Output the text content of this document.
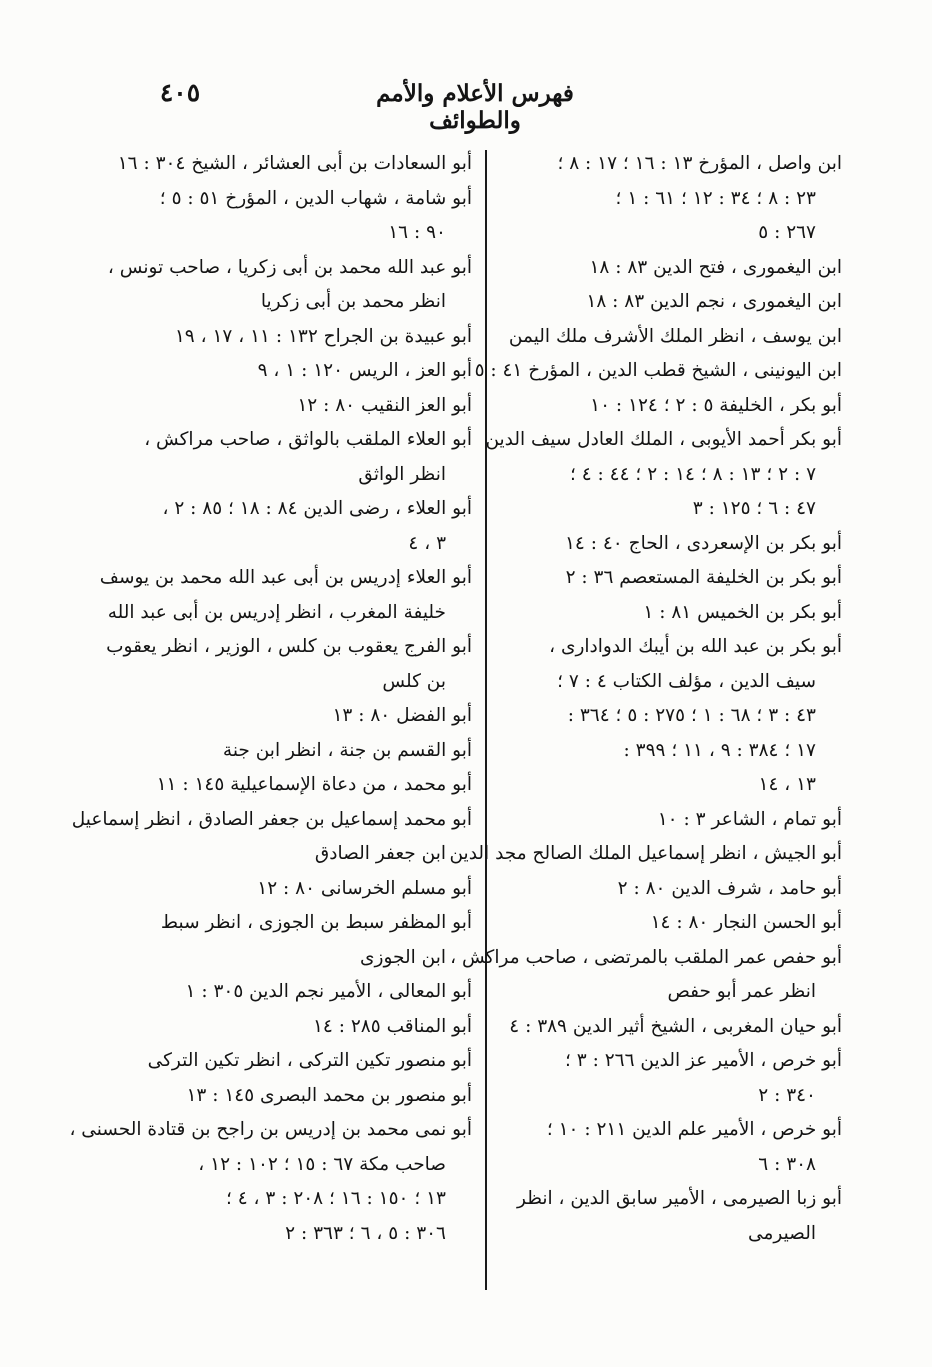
فهرس الأعلام والأمم والطوائف
٤٠٥
ابن واصل ، المؤرخ ١٣ : ١٦ ؛ ١٧ : ٨ ؛
٢٣ : ٨ ؛ ٣٤ : ١٢ ؛ ٦١ : ١ ؛
٢٦٧ : ٥
ابن اليغمورى ، فتح الدين ٨٣ : ١٨
ابن اليغمورى ، نجم الدين ٨٣ : ١٨
ابن يوسف ، انظر الملك الأشرف ملك اليمن
ابن اليونينى ، الشيخ قطب الدين ، المؤرخ ٤١ : ٥
أبو بكر ، الخليفة ٥ : ٢ ؛ ١٢٤ : ١٠
أبو بكر أحمد الأيوبى ، الملك العادل سيف الدين
٧ : ٢ ؛ ١٣ : ٨ ؛ ١٤ : ٢ ؛ ٤٤ : ٤ ؛
٤٧ : ٦ ؛ ١٢٥ : ٣
أبو بكر بن الإسعردى ، الحاج ٤٠ : ١٤
أبو بكر بن الخليفة المستعصم ٣٦ : ٢
أبو بكر بن الخميس ٨١ : ١
أبو بكر بن عبد الله بن أيبك الدوادارى ،
سيف الدين ، مؤلف الكتاب ٤ : ٧ ؛
٤٣ : ٣ ؛ ٦٨ : ١ ؛ ٢٧٥ : ٥ ؛ ٣٦٤ :
١٧ ؛ ٣٨٤ : ٩ ، ١١ ؛ ٣٩٩ :
١٣ ، ١٤
أبو تمام ، الشاعر ٣ : ١٠
أبو الجيش ، انظر إسماعيل الملك الصالح مجد الدين
أبو حامد ، شرف الدين ٨٠ : ٢
أبو الحسن النجار ٨٠ : ١٤
أبو حفص عمر الملقب بالمرتضى ، صاحب مراكش ،
انظر عمر أبو حفص
أبو حيان المغربى ، الشيخ أثير الدين ٣٨٩ : ٤
أبو خرص ، الأمير عز الدين ٢٦٦ : ٣ ؛
٣٤٠ : ٢
أبو خرص ، الأمير علم الدين ٢١١ : ١٠ ؛
٣٠٨ : ٦
أبو زبا الصيرمى ، الأمير سابق الدين ، انظر
الصيرمى
أبو السعادات بن أبى العشائر ، الشيخ ٣٠٤ : ١٦
أبو شامة ، شهاب الدين ، المؤرخ ٥١ : ٥ ؛
٩٠ : ١٦
أبو عبد الله محمد بن أبى زكريا ، صاحب تونس ،
انظر محمد بن أبى زكريا
أبو عبيدة بن الجراح ١٣٢ : ١١ ، ١٧ ، ١٩
أبو العز ، الريس ١٢٠ : ١ ، ٩
أبو العز النقيب ٨٠ : ١٢
أبو العلاء الملقب بالواثق ، صاحب مراكش ،
انظر الواثق
أبو العلاء ، رضى الدين ٨٤ : ١٨ ؛ ٨٥ : ٢ ،
٣ ، ٤
أبو العلاء إدريس بن أبى عبد الله محمد بن يوسف
خليفة المغرب ، انظر إدريس بن أبى عبد الله
أبو الفرج يعقوب بن كلس ، الوزير ، انظر يعقوب
بن كلس
أبو الفضل ٨٠ : ١٣
أبو القسم بن جنة ، انظر ابن جنة
أبو محمد ، من دعاة الإسماعيلية ١٤٥ : ١١
أبو محمد إسماعيل بن جعفر الصادق ، انظر إسماعيل
ابن جعفر الصادق
أبو مسلم الخرسانى ٨٠ : ١٢
أبو المظفر سبط بن الجوزى ، انظر سبط
ابن الجوزى
أبو المعالى ، الأمير نجم الدين ٣٠٥ : ١
أبو المناقب ٢٨٥ : ١٤
أبو منصور تكين التركى ، انظر تكين التركى
أبو منصور بن محمد البصرى ١٤٥ : ١٣
أبو نمى محمد بن إدريس بن راجح بن قتادة الحسنى ،
صاحب مكة ٦٧ : ١٥ ؛ ١٠٢ : ١٢ ،
١٣ ؛ ١٥٠ : ١٦ ؛ ٢٠٨ : ٣ ، ٤ ؛
٣٠٦ : ٥ ، ٦ ؛ ٣٦٣ : ٢
